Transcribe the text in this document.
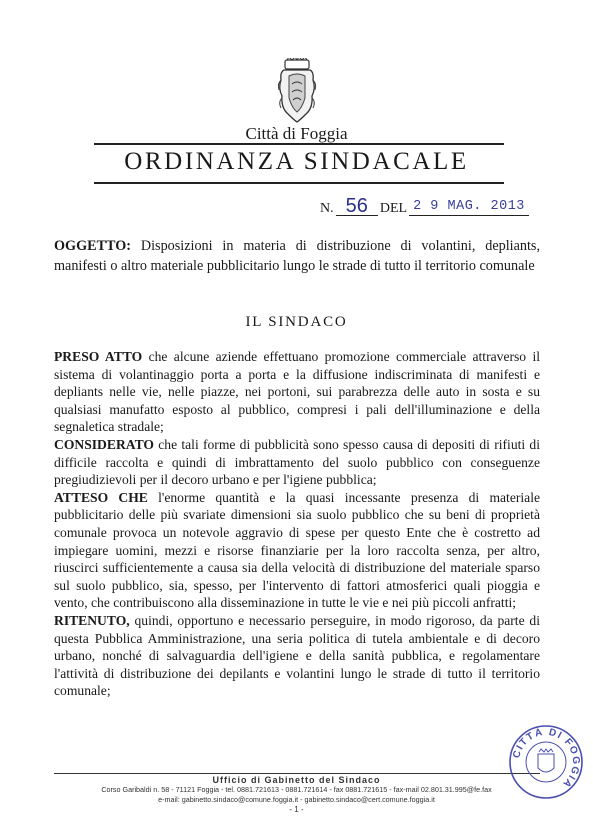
Città di Foggia
ORDINANZA SINDACALE
N. 56 DEL 2 9 MAG. 2013
OGGETTO: Disposizioni in materia di distribuzione di volantini, depliants, manifesti o altro materiale pubblicitario lungo le strade di tutto il territorio comunale
IL SINDACO

PRESO ATTO che alcune aziende effettuano promozione commerciale attraverso il sistema di volantinaggio porta a porta e la diffusione indiscriminata di manifesti e depliants nelle vie, nelle piazze, nei portoni, sui parabrezza delle auto in sosta e su qualsiasi manufatto esposto al pubblico, compresi i pali dell'illuminazione e della segnaletica stradale;

CONSIDERATO che tali forme di pubblicità sono spesso causa di depositi di rifiuti di difficile raccolta e quindi di imbrattamento del suolo pubblico con conseguenze pregiudizievoli per il decoro urbano e per l'igiene pubblica;

ATTESO CHE l'enorme quantità e la quasi incessante presenza di materiale pubblicitario delle più svariate dimensioni sia suolo pubblico che su beni di proprietà comunale provoca un notevole aggravio di spese per questo Ente che è costretto ad impiegare uomini, mezzi e risorse finanziarie per la loro raccolta senza, per altro, riuscirci sufficientemente a causa sia della velocità di distribuzione del materiale sparso sul suolo pubblico, sia, spesso, per l'intervento di fattori atmosferici quali pioggia e vento, che contribuiscono alla disseminazione in tutte le vie e nei più piccoli anfratti;

RITENUTO, quindi, opportuno e necessario perseguire, in modo rigoroso, da parte di questa Pubblica Amministrazione, una seria politica di tutela ambientale e di decoro urbano, nonché di salvaguardia dell'igiene e della sanità pubblica, e regolamentare l'attività di distribuzione dei depilants e volantini lungo le strade di tutto il territorio comunale;

Ufficio di Gabinetto del Sindaco
Corso Garibaldi n. 58 - 71121 Foggia - tel. 0881.721613 - 0881.721614 - fax 0881.721615 - fax-mail 02.801.31.995@fe.fax
e-mail: gabinetto.sindaco@comune.foggia.it - gabinetto.sindaco@cert.comune.foggia.it
- 1 -
CITTÀ DI FOGGIA
